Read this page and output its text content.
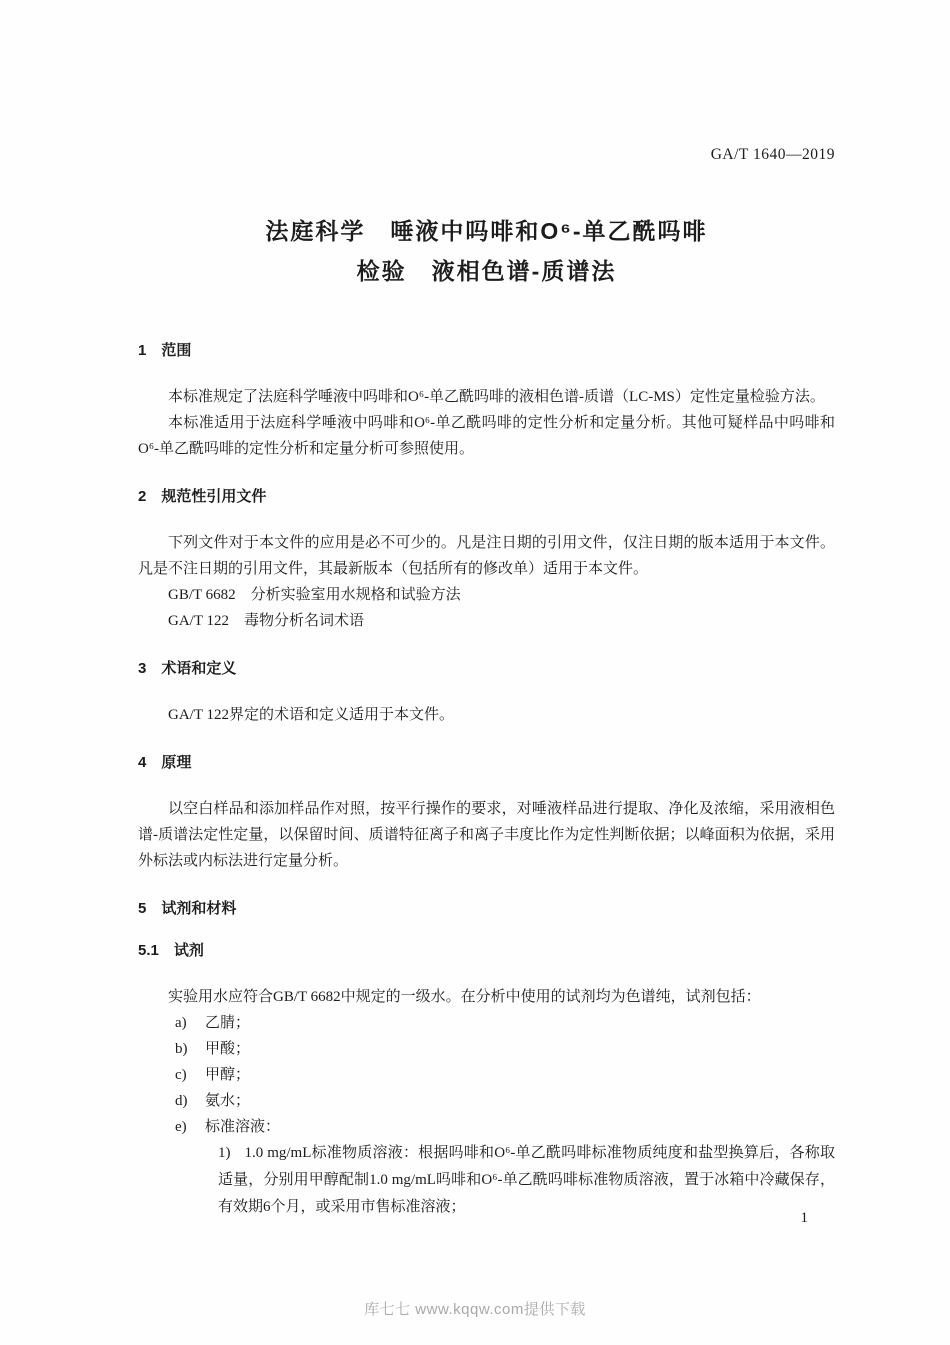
GA/T 1640—2019
法庭科学　唾液中吗啡和O⁶-单乙酰吗啡
检验　液相色谱-质谱法
1　范围
本标准规定了法庭科学唾液中吗啡和O⁶-单乙酰吗啡的液相色谱-质谱（LC-MS）定性定量检验方法。
本标准适用于法庭科学唾液中吗啡和O⁶-单乙酰吗啡的定性分析和定量分析。其他可疑样品中吗啡和O⁶-单乙酰吗啡的定性分析和定量分析可参照使用。
2　规范性引用文件
下列文件对于本文件的应用是必不可少的。凡是注日期的引用文件，仅注日期的版本适用于本文件。凡是不注日期的引用文件，其最新版本（包括所有的修改单）适用于本文件。
GB/T 6682　分析实验室用水规格和试验方法
GA/T 122　毒物分析名词术语
3　术语和定义
GA/T 122界定的术语和定义适用于本文件。
4　原理
以空白样品和添加样品作对照，按平行操作的要求，对唾液样品进行提取、净化及浓缩，采用液相色谱-质谱法定性定量，以保留时间、质谱特征离子和离子丰度比作为定性判断依据；以峰面积为依据，采用外标法或内标法进行定量分析。
5　试剂和材料
5.1　试剂
实验用水应符合GB/T 6682中规定的一级水。在分析中使用的试剂均为色谱纯，试剂包括：
a) 乙腈；
b) 甲酸；
c) 甲醇；
d) 氨水；
e) 标准溶液：
1) 1.0 mg/mL标准物质溶液：根据吗啡和O⁶-单乙酰吗啡标准物质纯度和盐型换算后，各称取适量，分别用甲醇配制1.0 mg/mL吗啡和O⁶-单乙酰吗啡标准物质溶液，置于冰箱中冷藏保存，有效期6个月，或采用市售标准溶液；
1
库七七 www.kqqw.com提供下载
